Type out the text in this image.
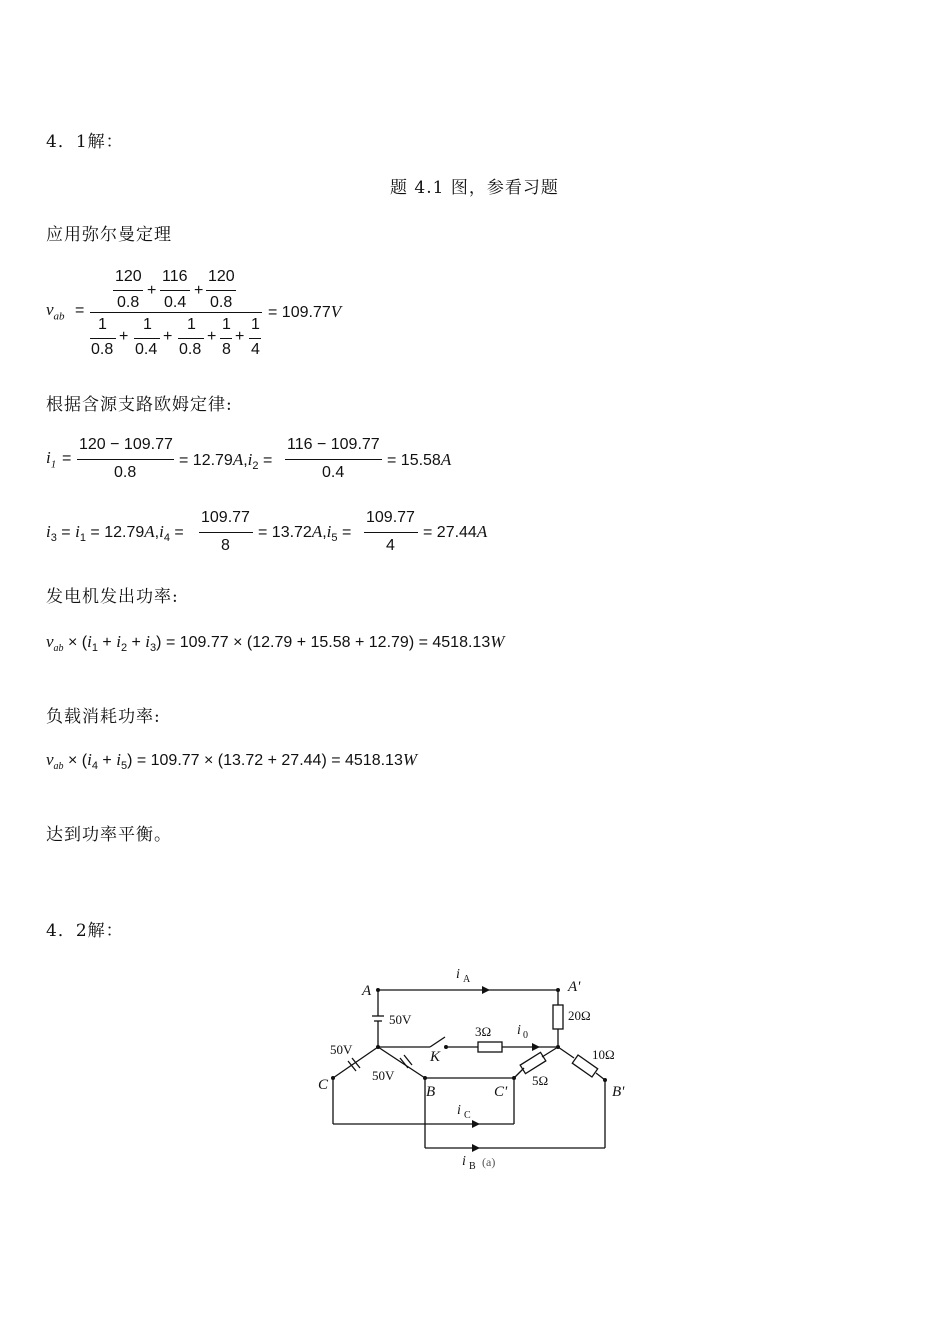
4．1解：
题 4.1 图，参看习题
应用弥尔曼定理
$v_{ab}$ =
120
0.8
+
116
0.4
+
120
0.8
1
0.8
+
1
0.4
+
1
0.8
+
1
8
+
1
4
= 109.77V
根据含源支路欧姆定律:
$i_1$ =
120 − 109.77
0.8
= $12.79A,i_2$ =
116 − 109.77
0.4
= 15.58A
$i_3 = i_1 = 12.79A,i_4$ =
109.77
8
= $13.72A,i_5$ =
109.77
4
= 27.44A
发电机发出功率:
$v_{ab} \times (i_1 + i_2 + i_3) = 109.77 \times (12.79 + 15.58 + 12.79) = 4518.13W$
负载消耗功率:
$v_{ab} \times (i_4 + i_5) = 109.77 \times (13.72 + 27.44) = 4518.13W$
达到功率平衡。
4．2解：
A	A'
C	B	C'	B'
K
i A
i 0
i C
i B
50V
50V
50V
3Ω
20Ω
10Ω
5Ω
(a)
